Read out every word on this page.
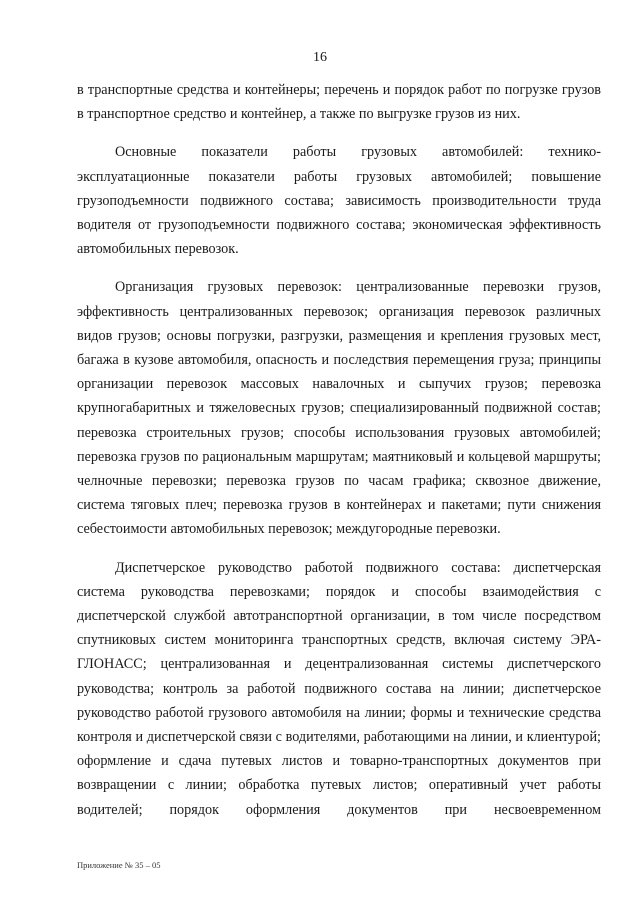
16

в транспортные средства и контейнеры; перечень и порядок работ по погрузке грузов в транспортное средство и контейнер, а также по выгрузке грузов из них.

Основные показатели работы грузовых автомобилей: технико-эксплуатационные показатели работы грузовых автомобилей; повышение грузоподъемности подвижного состава; зависимость производительности труда водителя от грузоподъемности подвижного состава; экономическая эффективность автомобильных перевозок.

Организация грузовых перевозок: централизованные перевозки грузов, эффективность централизованных перевозок; организация перевозок различных видов грузов; основы погрузки, разгрузки, размещения и крепления грузовых мест, багажа в кузове автомобиля, опасность и последствия перемещения груза; принципы организации перевозок массовых навалочных и сыпучих грузов; перевозка крупногабаритных и тяжеловесных грузов; специализированный подвижной состав; перевозка строительных грузов; способы использования грузовых автомобилей; перевозка грузов по рациональным маршрутам; маятниковый и кольцевой маршруты; челночные перевозки; перевозка грузов по часам графика; сквозное движение, система тяговых плеч; перевозка грузов в контейнерах и пакетами; пути снижения себестоимости автомобильных перевозок; междугородные перевозки.

Диспетчерское руководство работой подвижного состава: диспетчерская система руководства перевозками; порядок и способы взаимодействия с диспетчерской службой автотранспортной организации, в том числе посредством спутниковых систем мониторинга транспортных средств, включая систему ЭРА-ГЛОНАСС; централизованная и децентрализованная системы диспетчерского руководства; контроль за работой подвижного состава на линии; диспетчерское руководство работой грузового автомобиля на линии; формы и технические средства контроля и диспетчерской связи с водителями, работающими на линии, и клиентурой; оформление и сдача путевых листов и товарно-транспортных документов при возвращении с линии; обработка путевых листов; оперативный учет работы водителей; порядок оформления документов при несвоевременном

Приложение № 35 – 05
